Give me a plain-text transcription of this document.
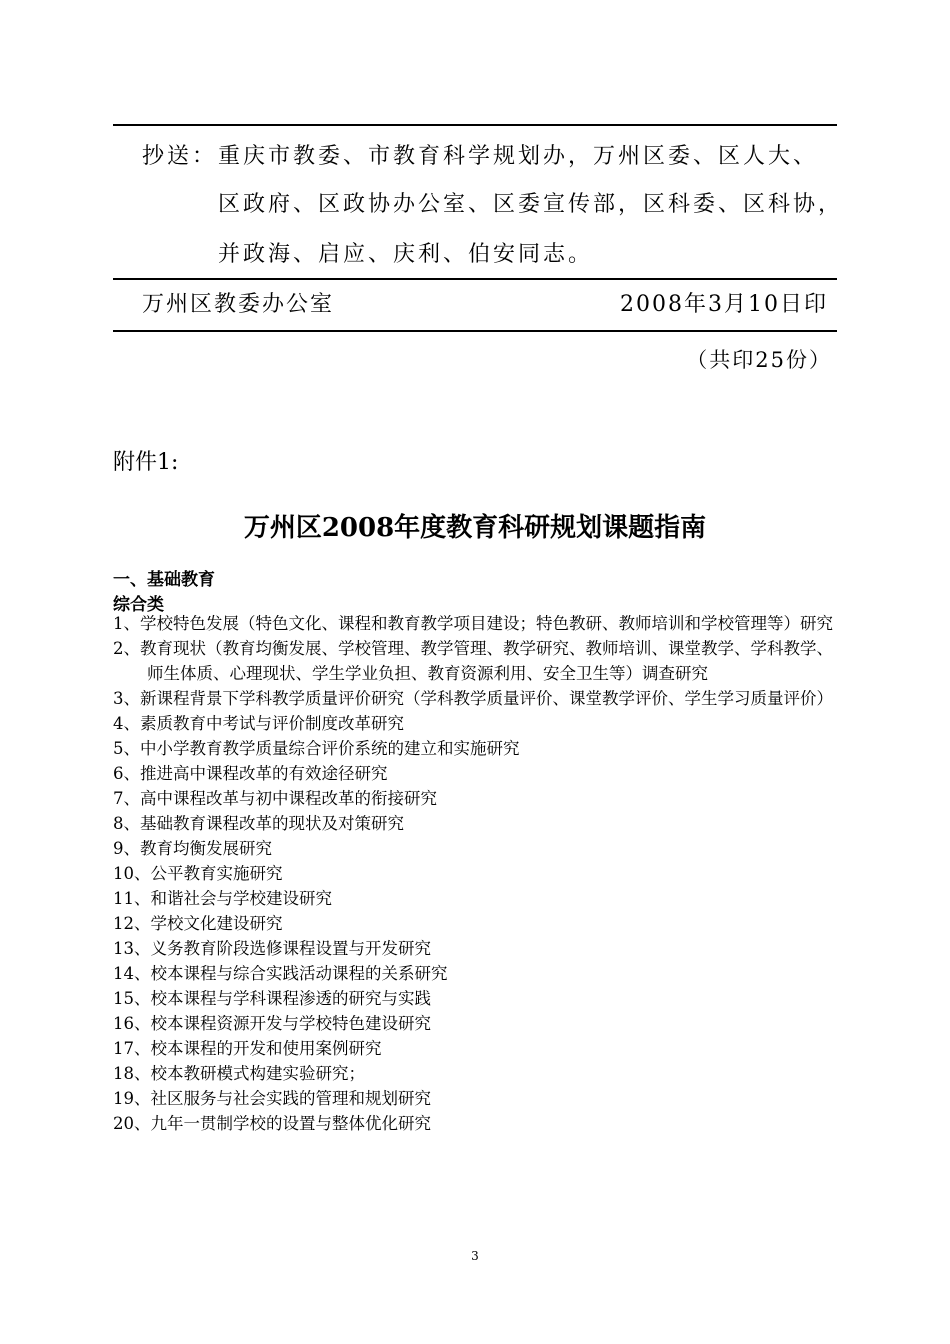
抄送： 重庆市教委、市教育科学规划办，万州区委、区人大、
区政府、区政协办公室、区委宣传部，区科委、区科协，
并政海、启应、庆利、伯安同志。
万州区教委办公室	2008年3月10日印
（共印25份）
附件1:
万州区2008年度教育科研规划课题指南
一、基础教育
综合类
1、学校特色发展（特色文化、课程和教育教学项目建设；特色教研、教师培训和学校管理等）研究
2、教育现状（教育均衡发展、学校管理、教学管理、教学研究、教师培训、课堂教学、学科教学、师生体质、心理现状、学生学业负担、教育资源利用、安全卫生等）调查研究
3、新课程背景下学科教学质量评价研究（学科教学质量评价、课堂教学评价、学生学习质量评价）
4、素质教育中考试与评价制度改革研究
5、中小学教育教学质量综合评价系统的建立和实施研究
6、推进高中课程改革的有效途径研究
7、高中课程改革与初中课程改革的衔接研究
8、基础教育课程改革的现状及对策研究
9、教育均衡发展研究
10、公平教育实施研究
11、和谐社会与学校建设研究
12、学校文化建设研究
13、义务教育阶段选修课程设置与开发研究
14、校本课程与综合实践活动课程的关系研究
15、校本课程与学科课程渗透的研究与实践
16、校本课程资源开发与学校特色建设研究
17、校本课程的开发和使用案例研究
18、校本教研模式构建实验研究；
19、社区服务与社会实践的管理和规划研究
20、九年一贯制学校的设置与整体优化研究
3
